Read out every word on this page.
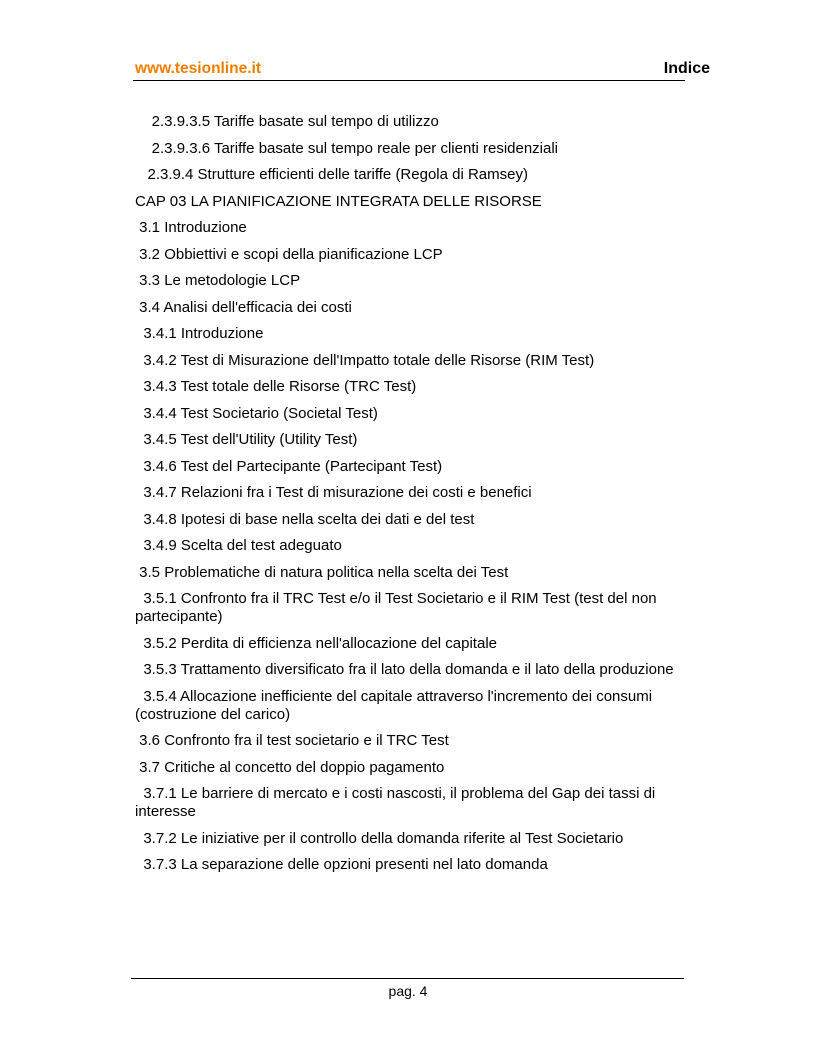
www.tesionline.it	Indice

2.3.9.3.5 Tariffe basate sul tempo di utilizzo
2.3.9.3.6 Tariffe basate sul tempo reale per clienti residenziali
2.3.9.4 Strutture efficienti delle tariffe (Regola di Ramsey)
CAP 03 LA PIANIFICAZIONE INTEGRATA DELLE RISORSE
3.1 Introduzione
3.2 Obbiettivi e scopi della pianificazione LCP
3.3 Le metodologie LCP
3.4 Analisi dell'efficacia dei costi
3.4.1 Introduzione
3.4.2 Test di Misurazione dell'Impatto totale delle Risorse (RIM Test)
3.4.3 Test totale delle Risorse (TRC Test)
3.4.4 Test Societario (Societal Test)
3.4.5 Test dell'Utility (Utility Test)
3.4.6 Test del Partecipante (Partecipant Test)
3.4.7 Relazioni fra i Test di misurazione dei costi e benefici
3.4.8 Ipotesi di base nella scelta dei dati e del test
3.4.9 Scelta del test adeguato
3.5 Problematiche di natura politica nella scelta dei Test
3.5.1 Confronto fra il TRC Test e/o il Test Societario e il RIM Test (test del non partecipante)
3.5.2 Perdita di efficienza nell'allocazione del capitale
3.5.3 Trattamento diversificato fra il lato della domanda e il lato della produzione
3.5.4 Allocazione inefficiente del capitale attraverso l'incremento dei consumi (costruzione del carico)
3.6 Confronto fra il test societario e il TRC Test
3.7 Critiche al concetto del doppio pagamento
3.7.1 Le barriere di mercato e i costi nascosti, il problema del Gap dei tassi di interesse
3.7.2 Le iniziative per il controllo della domanda riferite al Test Societario
3.7.3 La separazione delle opzioni presenti nel lato domanda

pag. 4
